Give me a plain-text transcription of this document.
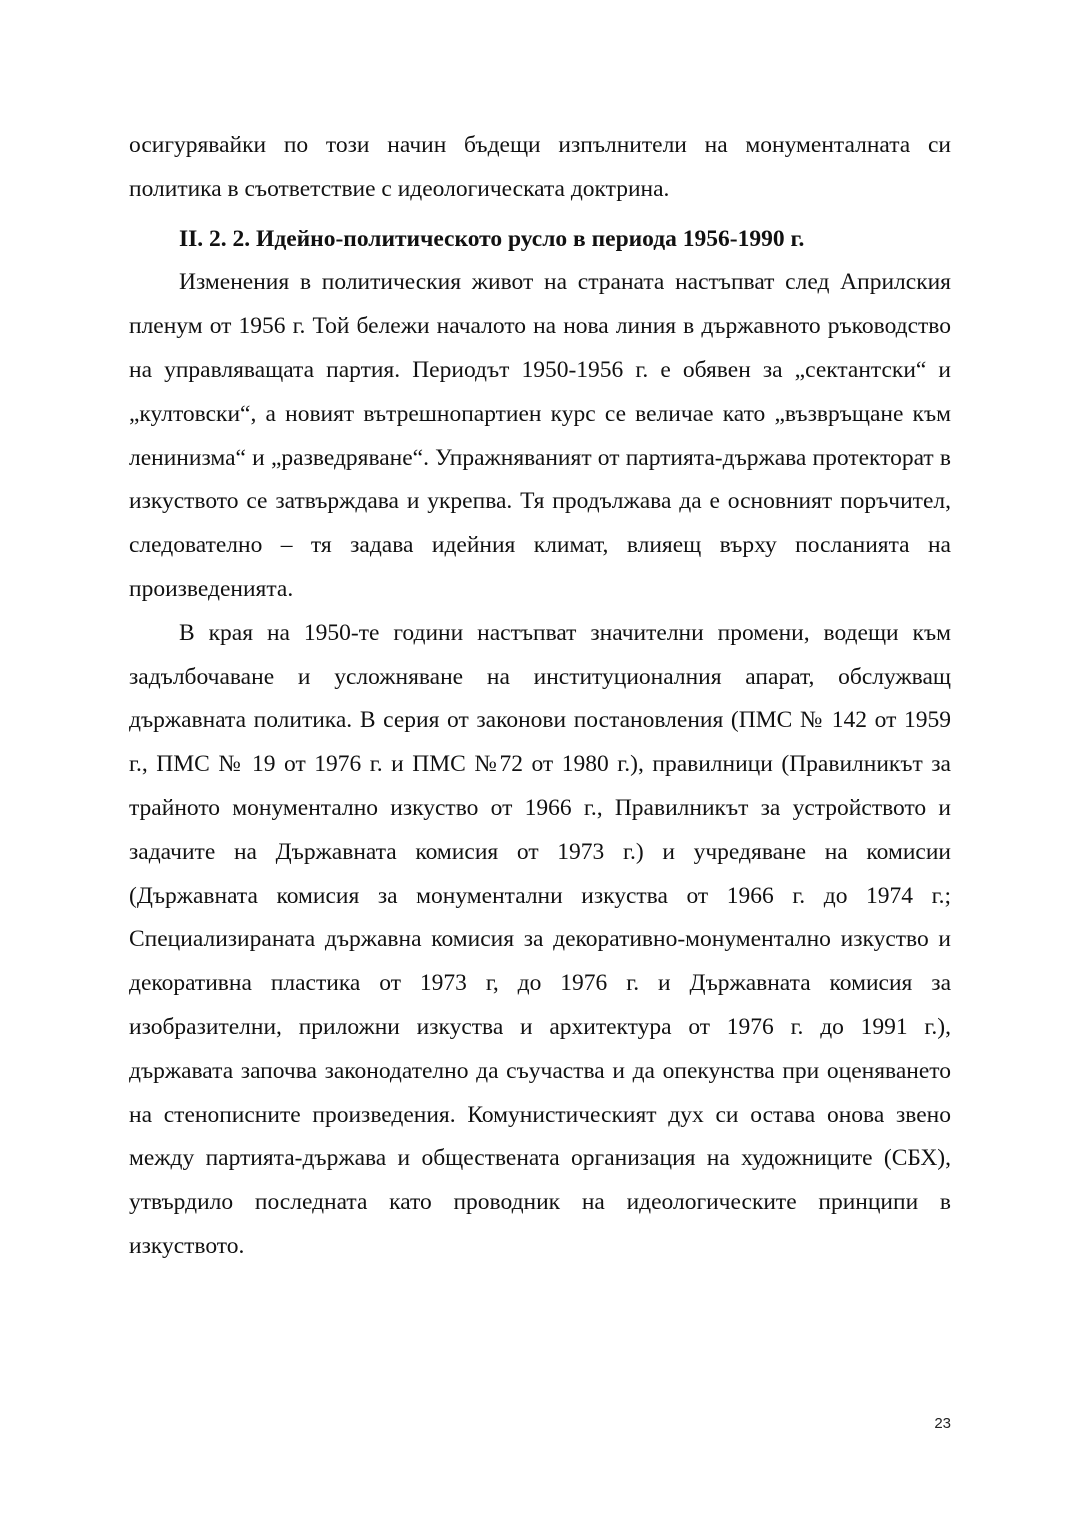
осигурявайки по този начин бъдещи изпълнители на монументалната си политика в съответствие с идеологическата доктрина.

II. 2. 2. Идейно-политическото русло в периода 1956-1990 г.

Изменения в политическия живот на страната настъпват след Априлския пленум от 1956 г. Той бележи началото на нова линия в държавното ръководство на управляващата партия. Периодът 1950-1956 г. е обявен за „сектантски“ и „култовски“, а новият вътрешнопартиен курс се величае като „възвръщане към ленинизма“ и „разведряване“. Упражняваният от партията-държава протекторат в изкуството се затвърждава и укрепва. Тя продължава да е основният поръчител, следователно – тя задава идейния климат, влияещ върху посланията на произведенията.

В края на 1950-те години настъпват значителни промени, водещи към задълбочаване и усложняване на институционалния апарат, обслужващ държавната политика. В серия от законови постановления (ПМС № 142 от 1959 г., ПМС № 19 от 1976 г. и ПМС №72 от 1980 г.), правилници (Правилникът за трайното монументално изкуство от 1966 г., Правилникът за устройството и задачите на Държавната комисия от 1973 г.) и учредяване на комисии (Държавната комисия за монументални изкуства от 1966 г. до 1974 г.; Специализираната държавна комисия за декоративно-монументално изкуство и декоративна пластика от 1973 г, до 1976 г. и Държавната комисия за изобразителни, приложни изкуства и архитектура от 1976 г. до 1991 г.), държавата започва законодателно да съучаства и да опекунства при оценяването на стенописните произведения. Комунистическият дух си остава онова звено между партията-държава и обществената организация на художниците (СБХ), утвърдило последната като проводник на идеологическите принципи в изкуството.

23
